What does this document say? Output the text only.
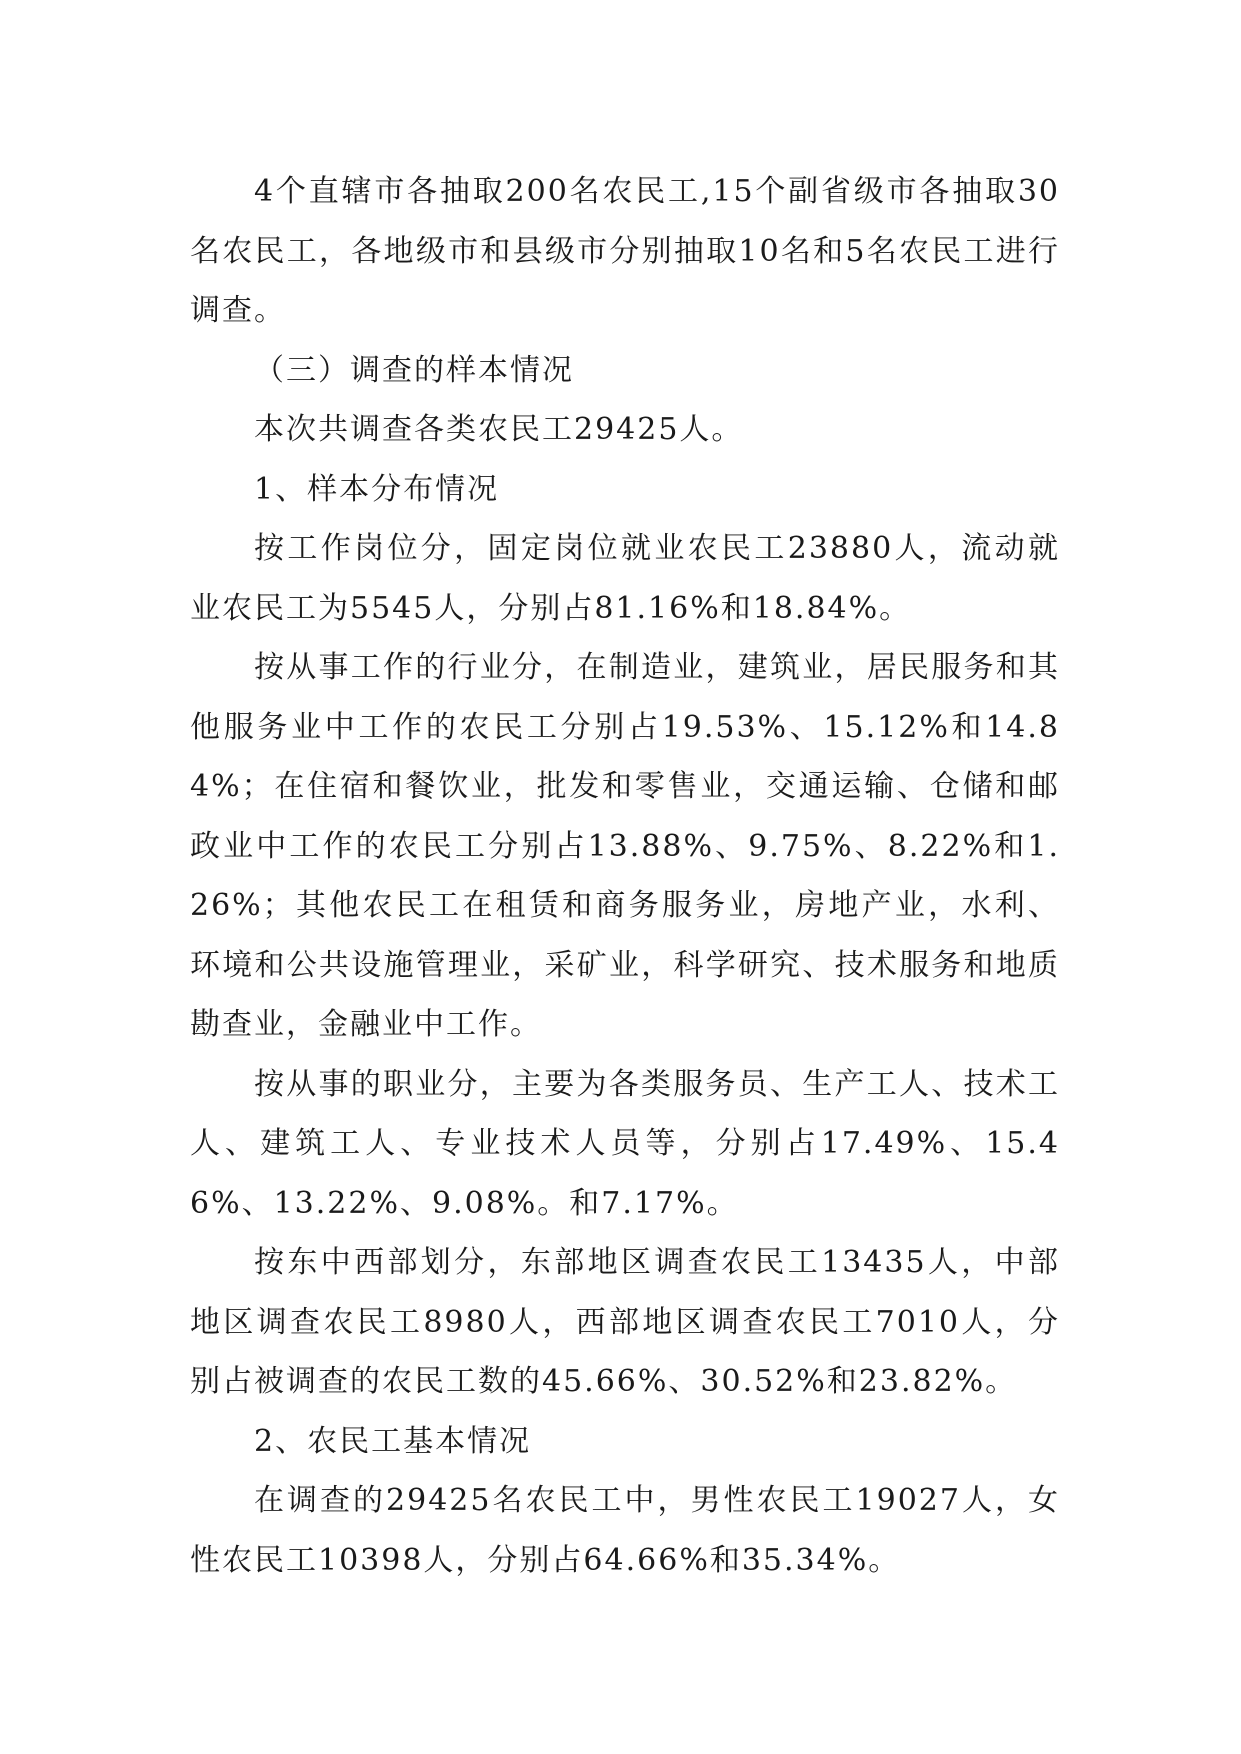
4个直辖市各抽取200名农民工,15个副省级市各抽取30名农民工，各地级市和县级市分别抽取10名和5名农民工进行调查。

（三）调查的样本情况

本次共调查各类农民工29425人。

1、样本分布情况

按工作岗位分，固定岗位就业农民工23880人，流动就业农民工为5545人，分别占81.16%和18.84%。

按从事工作的行业分，在制造业，建筑业，居民服务和其他服务业中工作的农民工分别占19.53%、15.12%和14.84%；在住宿和餐饮业，批发和零售业，交通运输、仓储和邮政业中工作的农民工分别占13.88%、9.75%、8.22%和1.26%；其他农民工在租赁和商务服务业，房地产业，水利、环境和公共设施管理业，采矿业，科学研究、技术服务和地质勘查业，金融业中工作。

按从事的职业分，主要为各类服务员、生产工人、技术工人、建筑工人、专业技术人员等，分别占17.49%、15.46%、13.22%、9.08%。和7.17%。

按东中西部划分，东部地区调查农民工13435人，中部地区调查农民工8980人，西部地区调查农民工7010人，分别占被调查的农民工数的45.66%、30.52%和23.82%。

2、农民工基本情况

在调查的29425名农民工中，男性农民工19027人，女性农民工10398人，分别占64.66%和35.34%。
